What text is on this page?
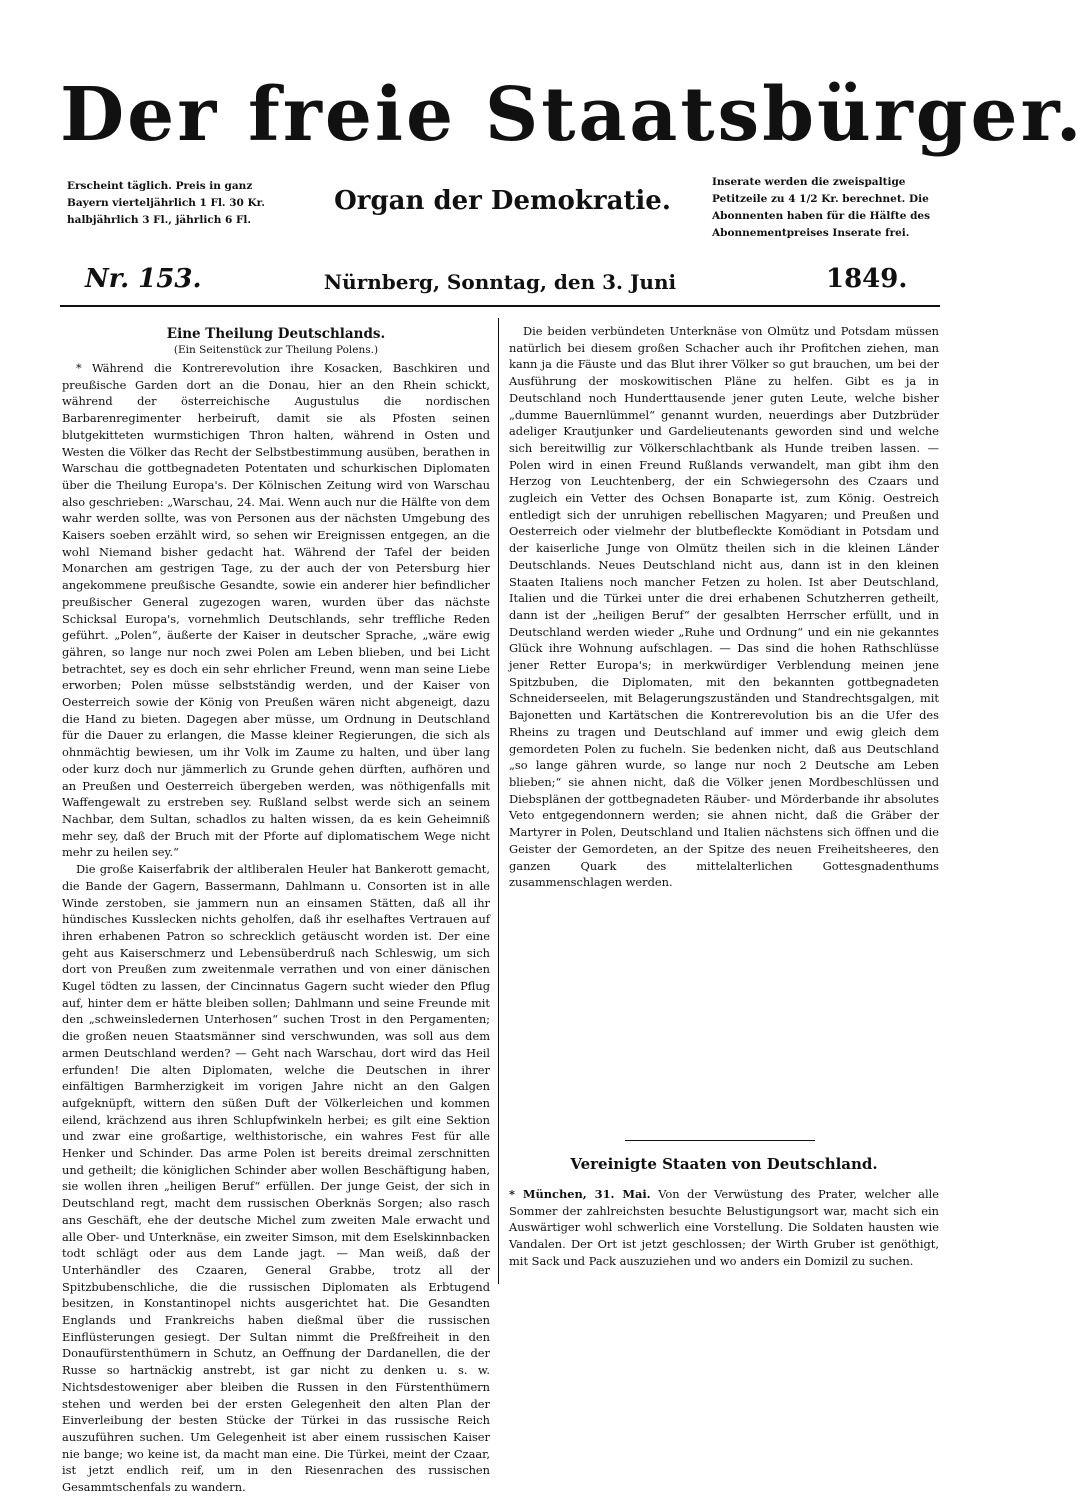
Der freie Staatsbürger.
Erscheint täglich. Preis in ganz
Bayern vierteljährlich 1 Fl. 30 Kr.
halbjährlich 3 Fl., jährlich 6 Fl.
Organ der Demokratie.
Inserate werden die zweispaltige
Petitzeile zu 4 1/2 Kr. berechnet. Die
Abonnenten haben für die Hälfte des
Abonnementpreises Inserate frei.
Nr. 153.	Nürnberg, Sonntag, den 3. Juni	1849.
Eine Theilung Deutschlands.
(Ein Seitenstück zur Theilung Polens.)

* Während die Kontrerevolution ihre Kosacken, Baschkiren und preußische Garden dort an die Donau, hier an den Rhein schickt, während der österreichische Augustulus die nordischen Barbarenregimenter herbeiruft, damit sie als Pfosten seinen blutgekitteten wurmstichigen Thron halten, während in Osten und Westen die Völker das Recht der Selbstbestimmung ausüben, berathen in Warschau die gottbegnadeten Potentaten und schurkischen Diplomaten über die Theilung Europa's. Der Kölnischen Zeitung wird von Warschau also geschrieben: „Warschau, 24. Mai. Wenn auch nur die Hälfte von dem wahr werden sollte, was von Personen aus der nächsten Umgebung des Kaisers soeben erzählt wird, so sehen wir Ereignissen entgegen, an die wohl Niemand bisher gedacht hat. Während der Tafel der beiden Monarchen am gestrigen Tage, zu der auch der von Petersburg hier angekommene preußische Gesandte, sowie ein anderer hier befindlicher preußischer General zugezogen waren, wurden über das nächste Schicksal Europa's, vornehmlich Deutschlands, sehr treffliche Reden geführt. „Polen“, äußerte der Kaiser in deutscher Sprache, „wäre ewig gähren, so lange nur noch zwei Polen am Leben blieben, und bei Licht betrachtet, sey es doch ein sehr ehrlicher Freund, wenn man seine Liebe erworben; Polen müsse selbstständig werden, und der Kaiser von Oesterreich sowie der König von Preußen wären nicht abgeneigt, dazu die Hand zu bieten. Dagegen aber müsse, um Ordnung in Deutschland für die Dauer zu erlangen, die Masse kleiner Regierungen, die sich als ohnmächtig bewiesen, um ihr Volk im Zaume zu halten, und über lang oder kurz doch nur jämmerlich zu Grunde gehen dürften, aufhören und an Preußen und Oesterreich übergeben werden, was nöthigenfalls mit Waffengewalt zu erstreben sey. Rußland selbst werde sich an seinem Nachbar, dem Sultan, schadlos zu halten wissen, da es kein Geheimniß mehr sey, daß der Bruch mit der Pforte auf diplomatischem Wege nicht mehr zu heilen sey.“

Die große Kaiserfabrik der altliberalen Heuler hat Bankerott gemacht, die Bande der Gagern, Bassermann, Dahlmann u. Consorten ist in alle Winde zerstoben, sie jammern nun an einsamen Stätten, daß all ihr hündisches Kusslecken nichts geholfen, daß ihr eselhaftes Vertrauen auf ihren erhabenen Patron so schrecklich getäuscht worden ist. Der eine geht aus Kaiserschmerz und Lebensüberdruß nach Schleswig, um sich dort von Preußen zum zweitenmale verrathen und von einer dänischen Kugel tödten zu lassen, der Cincinnatus Gagern sucht wieder den Pflug auf, hinter dem er hätte bleiben sollen; Dahlmann und seine Freunde mit den „schweinsledernen Unterhosen“ suchen Trost in den Pergamenten; die großen neuen Staatsmänner sind verschwunden, was soll aus dem armen Deutschland werden? — Geht nach Warschau, dort wird das Heil erfunden! Die alten Diplomaten, welche die Deutschen in ihrer einfältigen Barmherzigkeit im vorigen Jahre nicht an den Galgen aufgeknüpft, wittern den süßen Duft der Völkerleichen und kommen eilend, krächzend aus ihren Schlupfwinkeln herbei; es gilt eine Sektion und zwar eine großartige, welthistorische, ein wahres Fest für alle Henker und Schinder. Das arme Polen ist bereits dreimal zerschnitten und getheilt; die königlichen Schinder aber wollen Beschäftigung haben, sie wollen ihren „heiligen Beruf“ erfüllen. Der junge Geist, der sich in Deutschland regt, macht dem russischen Oberknäs Sorgen; also rasch ans Geschäft, ehe der deutsche Michel zum zweiten Male erwacht und alle Ober- und Unterknäse, ein zweiter Simson, mit dem Eselskinnbacken todt schlägt oder aus dem Lande jagt. — Man weiß, daß der Unterhändler des Czaaren, General Grabbe, trotz all der Spitzbubenschliche, die die russischen Diplomaten als Erbtugend besitzen, in Konstantinopel nichts ausgerichtet hat. Die Gesandten Englands und Frankreichs haben dießmal über die russischen Einflüsterungen gesiegt. Der Sultan nimmt die Preßfreiheit in den Donaufürstenthümern in Schutz, an Oeffnung der Dardanellen, die der Russe so hartnäckig anstrebt, ist gar nicht zu denken u. s. w. Nichtsdestoweniger aber bleiben die Russen in den Fürstenthümern stehen und werden bei der ersten Gelegenheit den alten Plan der Einverleibung der besten Stücke der Türkei in das russische Reich auszuführen suchen. Um Gelegenheit ist aber einem russischen Kaiser nie bange; wo keine ist, da macht man eine. Die Türkei, meint der Czaar, ist jetzt endlich reif, um in den Riesenrachen des russischen Gesammtschenfals zu wandern.

Die beiden verbündeten Unterknäse von Olmütz und Potsdam müssen natürlich bei diesem großen Schacher auch ihr Profitchen ziehen, man kann ja die Fäuste und das Blut ihrer Völker so gut brauchen, um bei der Ausführung der moskowitischen Pläne zu helfen. Gibt es ja in Deutschland noch Hunderttausende jener guten Leute, welche bisher „dumme Bauernlümmel“ genannt wurden, neuerdings aber Dutzbrüder adeliger Krautjunker und Gardelieutenants geworden sind und welche sich bereitwillig zur Völkerschlachtbank als Hunde treiben lassen. — Polen wird in einen Freund Rußlands verwandelt, man gibt ihm den Herzog von Leuchtenberg, der ein Schwiegersohn des Czaars und zugleich ein Vetter des Ochsen Bonaparte ist, zum König. Oestreich entledigt sich der unruhigen rebellischen Magyaren; und Preußen und Oesterreich oder vielmehr der blutbefleckte Komödiant in Potsdam und der kaiserliche Junge von Olmütz theilen sich in die kleinen Länder Deutschlands. Neues Deutschland nicht aus, dann ist in den kleinen Staaten Italiens noch mancher Fetzen zu holen. Ist aber Deutschland, Italien und die Türkei unter die drei erhabenen Schutzherren getheilt, dann ist der „heiligen Beruf“ der gesalbten Herrscher erfüllt, und in Deutschland werden wieder „Ruhe und Ordnung“ und ein nie gekanntes Glück ihre Wohnung aufschlagen. — Das sind die hohen Rathschlüsse jener Retter Europa's; in merkwürdiger Verblendung meinen jene Spitzbuben, die Diplomaten, mit den bekannten gottbegnadeten Schneiderseelen, mit Belagerungszuständen und Standrechtsgalgen, mit Bajonetten und Kartätschen die Kontrerevolution bis an die Ufer des Rheins zu tragen und Deutschland auf immer und ewig gleich dem gemordeten Polen zu fucheln. Sie bedenken nicht, daß aus Deutschland „so lange gähren wurde, so lange nur noch 2 Deutsche am Leben blieben;“ sie ahnen nicht, daß die Völker jenen Mordbeschlüssen und Diebsplänen der gottbegnadeten Räuber- und Mörderbande ihr absolutes Veto entgegendonnern werden; sie ahnen nicht, daß die Gräber der Martyrer in Polen, Deutschland und Italien nächstens sich öffnen und die Geister der Gemordeten, an der Spitze des neuen Freiheitsheeres, den ganzen Quark des mittelalterlichen Gottesgnadenthums zusammenschlagen werden.

Vereinigte Staaten von Deutschland.

* München, 31. Mai. Von der Verwüstung des Prater, welcher alle Sommer der zahlreichsten besuchte Belustigungsort war, macht sich ein Auswärtiger wohl schwerlich eine Vorstellung. Die Soldaten hausten wie Vandalen. Der Ort ist jetzt geschlossen; der Wirth Gruber ist genöthigt, mit Sack und Pack auszuziehen und wo anders ein Domizil zu suchen.
